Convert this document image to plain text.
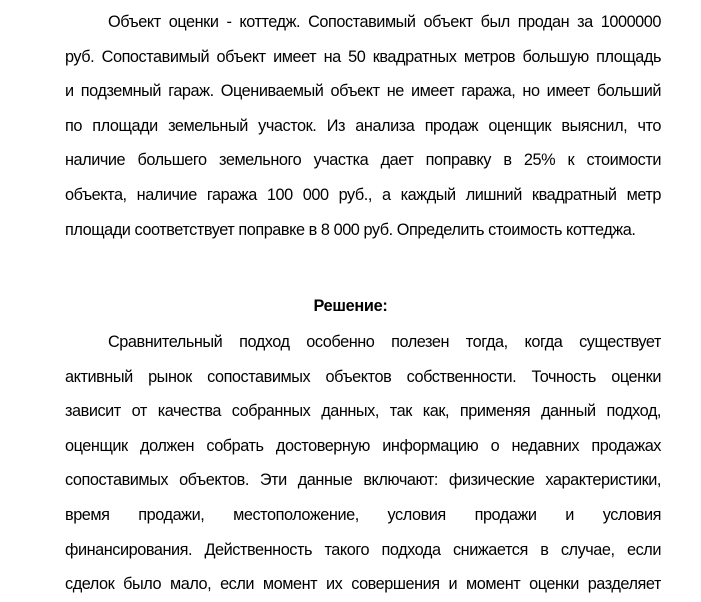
Объект оценки - коттедж. Сопоставимый объект был продан за 1000000
руб. Сопоставимый объект имеет на 50 квадратных метров большую площадь
и подземный гараж. Оцениваемый объект не имеет гаража, но имеет больший
по площади земельный участок. Из анализа продаж оценщик выяснил, что
наличие большего земельного участка дает поправку в 25% к стоимости
объекта, наличие гаража 100 000 руб., а каждый лишний квадратный метр
площади соответствует поправке в 8 000 руб. Определить стоимость коттеджа.
Решение:
Сравнительный подход особенно полезен тогда, когда существует
активный рынок сопоставимых объектов собственности. Точность оценки
зависит от качества собранных данных, так как, применяя данный подход,
оценщик должен собрать достоверную информацию о недавних продажах
сопоставимых объектов. Эти данные включают: физические характеристики,
время продажи, местоположение, условия продажи и условия
финансирования. Действенность такого подхода снижается в случае, если
сделок было мало, если момент их совершения и момент оценки разделяет
